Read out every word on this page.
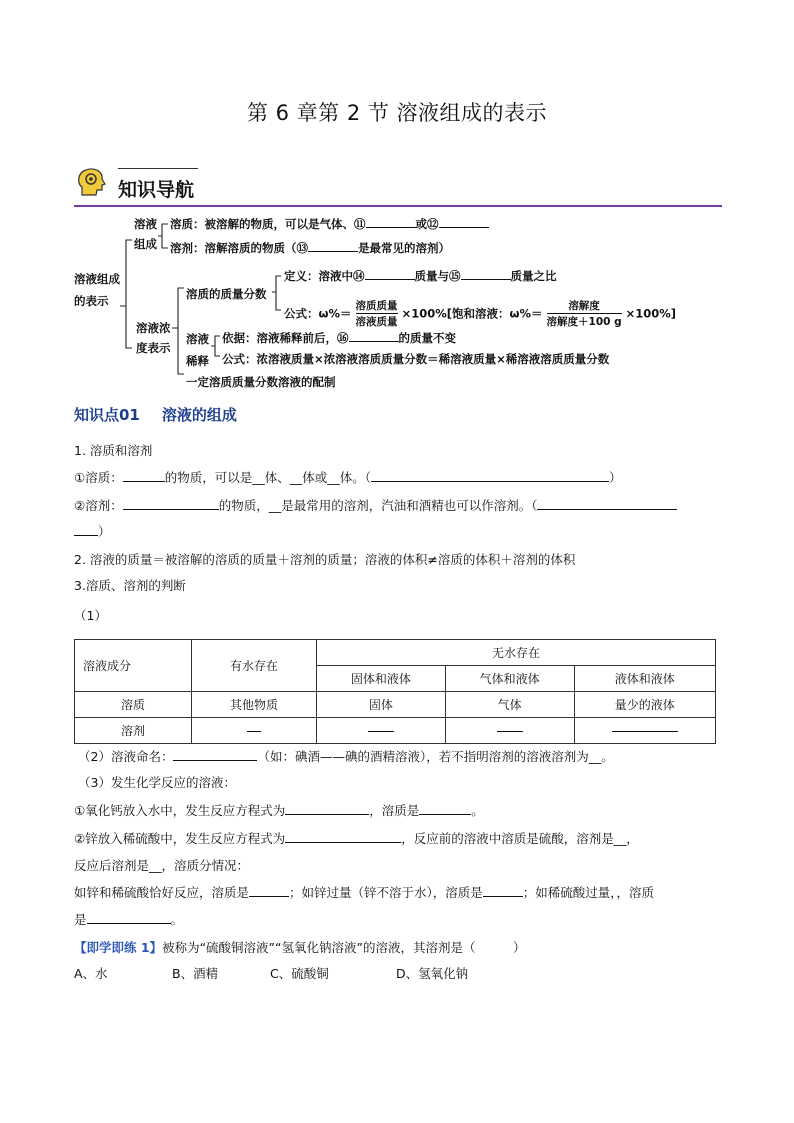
第 6 章第 2 节 溶液组成的表示
知识导航
溶液组成
的表示
溶液
组成
溶质：被溶解的物质，可以是气体、⑪	或⑫
溶剂：溶解溶质的物质（⑬	是最常见的溶剂）
溶液浓
度表示
溶质的质量分数
定义：溶液中⑭	质量与⑮	质量之比
公式：ω%＝
溶质质量
溶液质量
×100%[饱和溶液：ω%＝
溶解度
溶解度＋100 g
×100%]
溶液
稀释
依据：溶液稀释前后，⑯	的质量不变
公式：浓溶液质量×浓溶液溶质质量分数＝稀溶液质量×稀溶液溶质质量分数
一定溶质质量分数溶液的配制
知识点01 溶液的组成
1. 溶质和溶剂
①溶质：	的物质，可以是__体、__体或__体。（	）
②溶剂：	的物质，__是最常用的溶剂，汽油和酒精也可以作溶剂。（
）
2. 溶液的质量＝被溶解的溶质的质量＋溶剂的质量；溶液的体积≠溶质的体积＋溶剂的体积
3.溶质、溶剂的判断
（1）
溶液成分	有水存在	无水存在		
		固体和液体	气体和液体	液体和液体
溶质	其他物质	固体	气体	量少的液体
溶剂				
（2）溶液命名：	（如：碘酒——碘的酒精溶液），若不指明溶剂的溶液溶剂为__。
（3）发生化学反应的溶液：
①氧化钙放入水中，发生反应方程式为	，溶质是	。
②锌放入稀硫酸中，发生反应方程式为	，反应前的溶液中溶质是硫酸，溶剂是__，
反应后溶剂是__，溶质分情况：
如锌和稀硫酸恰好反应，溶质是	；如锌过量（锌不溶于水），溶质是	；如稀硫酸过量，，溶质
是	。
【即学即练 1】被称为“硫酸铜溶液”“氢氧化钠溶液”的溶液，其溶剂是（　　　）
A、水	B、酒精	C、硫酸铜	D、氢氧化钠
